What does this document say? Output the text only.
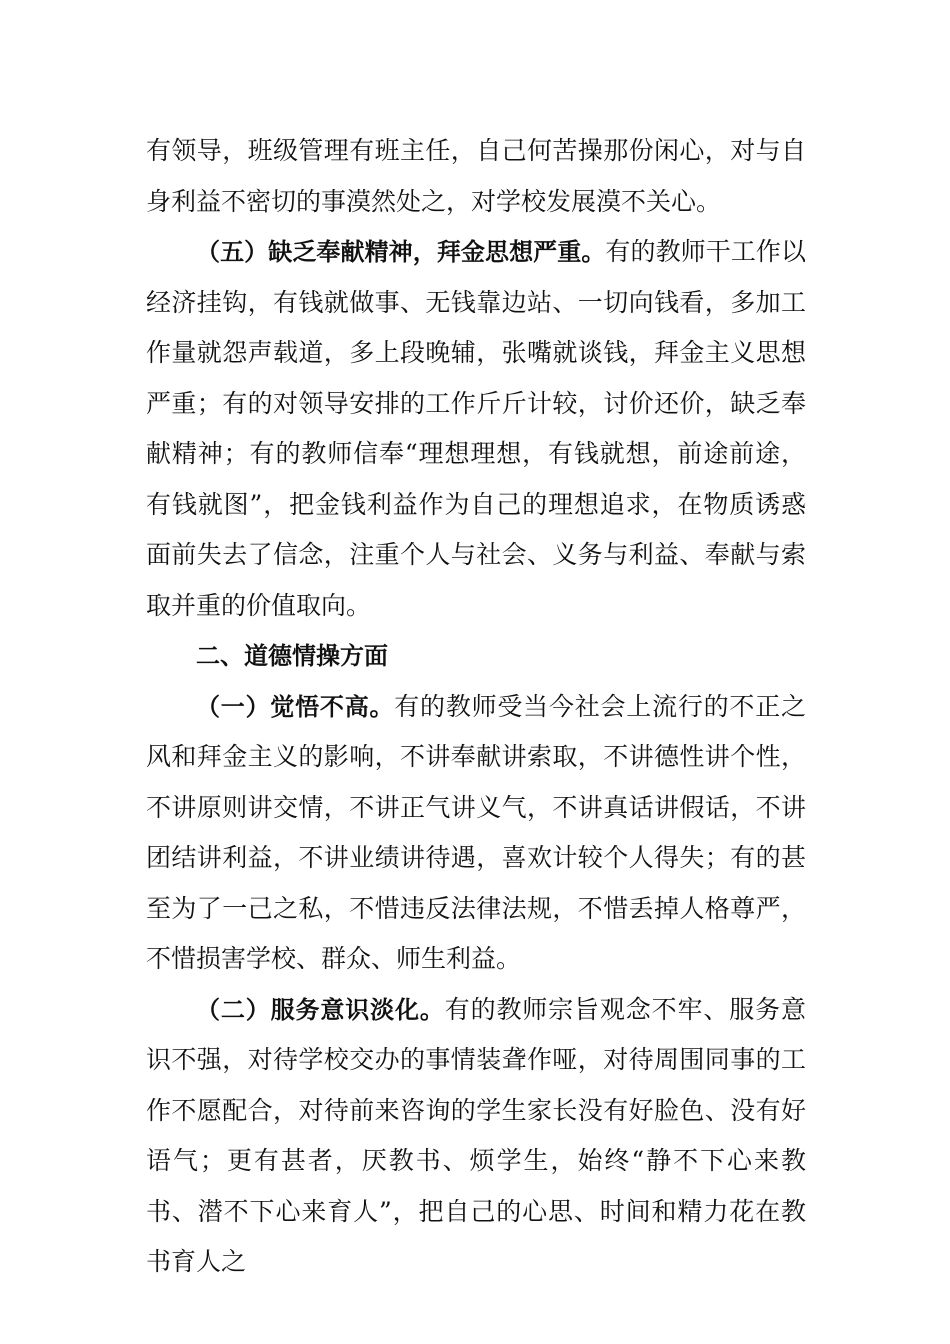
有领导，班级管理有班主任，自己何苦操那份闲心，对与自身利益不密切的事漠然处之，对学校发展漠不关心。

（五）缺乏奉献精神，拜金思想严重。有的教师干工作以经济挂钩，有钱就做事、无钱靠边站、一切向钱看，多加工作量就怨声载道，多上段晚辅，张嘴就谈钱，拜金主义思想严重；有的对领导安排的工作斤斤计较，讨价还价，缺乏奉献精神；有的教师信奉“理想理想，有钱就想，前途前途，有钱就图”，把金钱利益作为自己的理想追求，在物质诱惑面前失去了信念，注重个人与社会、义务与利益、奉献与索取并重的价值取向。

二、道德情操方面

（一）觉悟不高。有的教师受当今社会上流行的不正之风和拜金主义的影响，不讲奉献讲索取，不讲德性讲个性，不讲原则讲交情，不讲正气讲义气，不讲真话讲假话，不讲团结讲利益，不讲业绩讲待遇，喜欢计较个人得失；有的甚至为了一己之私，不惜违反法律法规，不惜丢掉人格尊严，不惜损害学校、群众、师生利益。

（二）服务意识淡化。有的教师宗旨观念不牢、服务意识不强，对待学校交办的事情装聋作哑，对待周围同事的工作不愿配合，对待前来咨询的学生家长没有好脸色、没有好语气；更有甚者，厌教书、烦学生，始终“静不下心来教书、潜不下心来育人”，把自己的心思、时间和精力花在教书育人之
